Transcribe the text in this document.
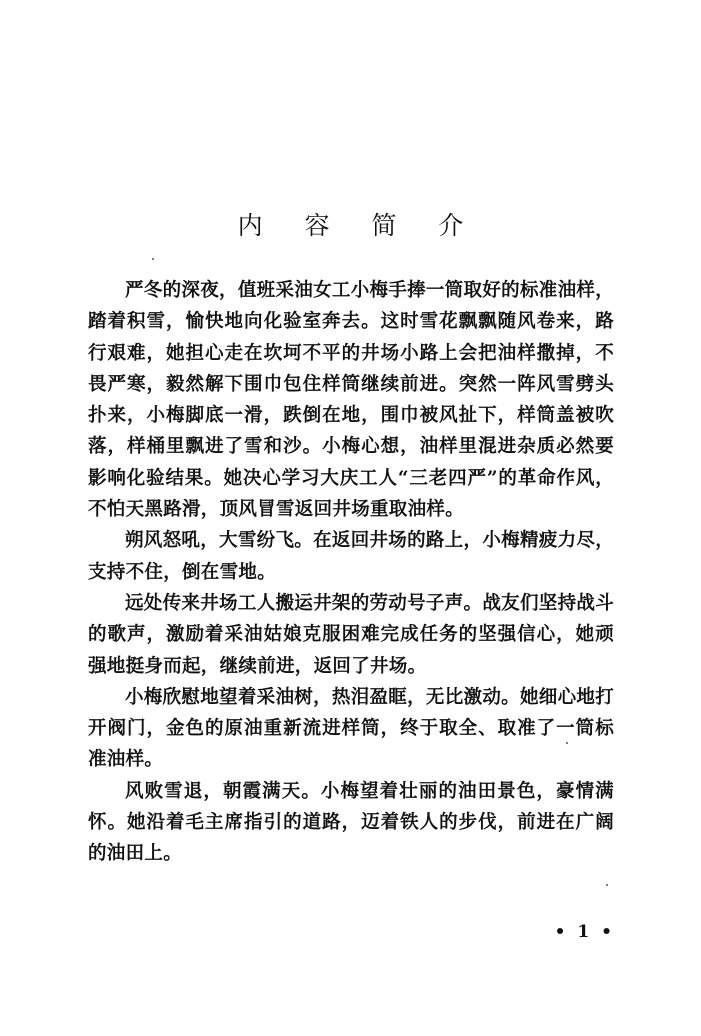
内 容 简 介

严冬的深夜，值班采油女工小梅手捧一筒取好的标准油样，踏着积雪，愉快地向化验室奔去。这时雪花飘飘随风卷来，路行艰难，她担心走在坎坷不平的井场小路上会把油样撒掉，不畏严寒，毅然解下围巾包住样筒继续前进。突然一阵风雪劈头扑来，小梅脚底一滑，跌倒在地，围巾被风扯下，样筒盖被吹落，样桶里飘进了雪和沙。小梅心想，油样里混进杂质必然要影响化验结果。她决心学习大庆工人“三老四严”的革命作风，不怕天黑路滑，顶风冒雪返回井场重取油样。

朔风怒吼，大雪纷飞。在返回井场的路上，小梅精疲力尽，支持不住，倒在雪地。

远处传来井场工人搬运井架的劳动号子声。战友们坚持战斗的歌声，激励着采油姑娘克服困难完成任务的坚强信心，她顽强地挺身而起，继续前进，返回了井场。

小梅欣慰地望着采油树，热泪盈眶，无比激动。她细心地打开阀门，金色的原油重新流进样筒，终于取全、取准了一筒标准油样。

风败雪退，朝霞满天。小梅望着壮丽的油田景色，豪情满怀。她沿着毛主席指引的道路，迈着铁人的步伐，前进在广阔的油田上。

• 1 •
